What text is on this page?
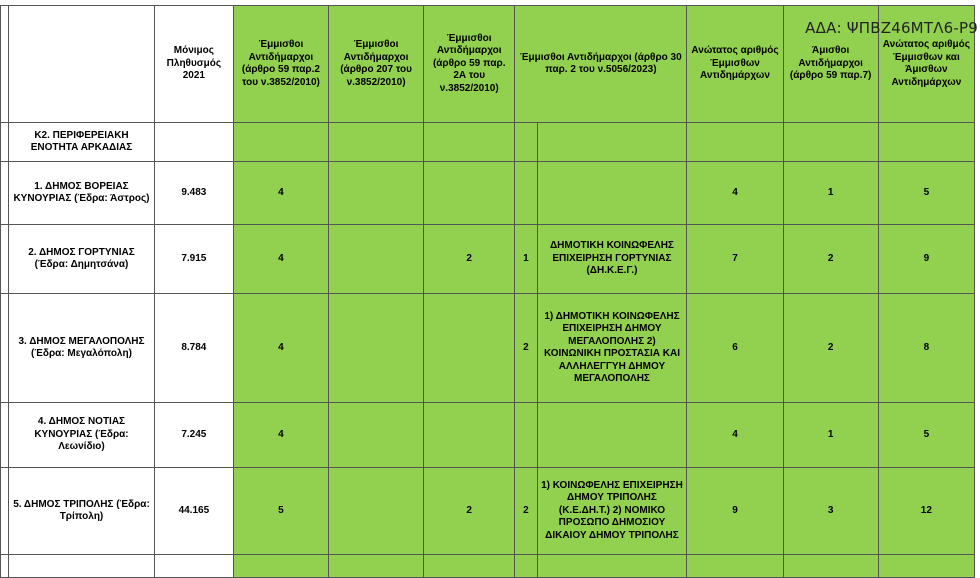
ΑΔΑ: ΨΠΒΖ46ΜΤΛ6-Ρ9
		Μόνιμος Πληθυσμός 2021	Έμμισθοι Αντιδήμαρχοι (άρθρο 59 παρ.2 του ν.3852/2010)	Έμμισθοι Αντιδήμαρχοι (άρθρο 207 του ν.3852/2010)	Έμμισθοι Αντιδήμαρχοι (άρθρο 59 παρ. 2Α του ν.3852/2010)	Έμμισθοι Αντιδήμαρχοι (άρθρο 30 παρ. 2 του ν.5056/2023)		Ανώτατος αριθμός Έμμισθων Αντιδημάρχων	Άμισθοι Αντιδήμαρχοι (άρθρο 59 παρ.7)	Ανώτατος αριθμός Έμμισθων και Άμισθων Αντιδημάρχων
	Κ2. ΠΕΡΙΦΕΡΕΙΑΚΗ ΕΝΟΤΗΤΑ ΑΡΚΑΔΙΑΣ									
	1. ΔΗΜΟΣ ΒΟΡΕΙΑΣ ΚΥΝΟΥΡΙΑΣ (Έδρα: Άστρος)	9.483	4					4	1	5
	2. ΔΗΜΟΣ ΓΟΡΤΥΝΙΑΣ (Έδρα: Δημητσάνα)	7.915	4		2	1	ΔΗΜΟΤΙΚΗ ΚΟΙΝΩΦΕΛΗΣ ΕΠΙΧΕΙΡΗΣΗ ΓΟΡΤΥΝΙΑΣ (ΔΗ.Κ.Ε.Γ.)	7	2	9
	3. ΔΗΜΟΣ ΜΕΓΑΛΟΠΟΛΗΣ (Έδρα: Μεγαλόπολη)	8.784	4			2	1) ΔΗΜΟΤΙΚΗ ΚΟΙΝΩΦΕΛΗΣ ΕΠΙΧΕΙΡΗΣΗ ΔΗΜΟΥ ΜΕΓΑΛΟΠΟΛΗΣ 2) ΚΟΙΝΩΝΙΚΗ ΠΡΟΣΤΑΣΙΑ ΚΑΙ ΑΛΛΗΛΕΓΓΥΗ ΔΗΜΟΥ ΜΕΓΑΛΟΠΟΛΗΣ	6	2	8
	4. ΔΗΜΟΣ ΝΟΤΙΑΣ ΚΥΝΟΥΡΙΑΣ (Έδρα: Λεωνίδιο)	7.245	4					4	1	5
	5. ΔΗΜΟΣ ΤΡΙΠΟΛΗΣ (Έδρα: Τρίπολη)	44.165	5		2	2	1) ΚΟΙΝΩΦΕΛΗΣ ΕΠΙΧΕΙΡΗΣΗ ΔΗΜΟΥ ΤΡΙΠΟΛΗΣ (Κ.Ε.ΔΗ.Τ.) 2) ΝΟΜΙΚΟ ΠΡΟΣΩΠΟ ΔΗΜΟΣΙΟΥ ΔΙΚΑΙΟΥ ΔΗΜΟΥ ΤΡΙΠΟΛΗΣ	9	3	12
